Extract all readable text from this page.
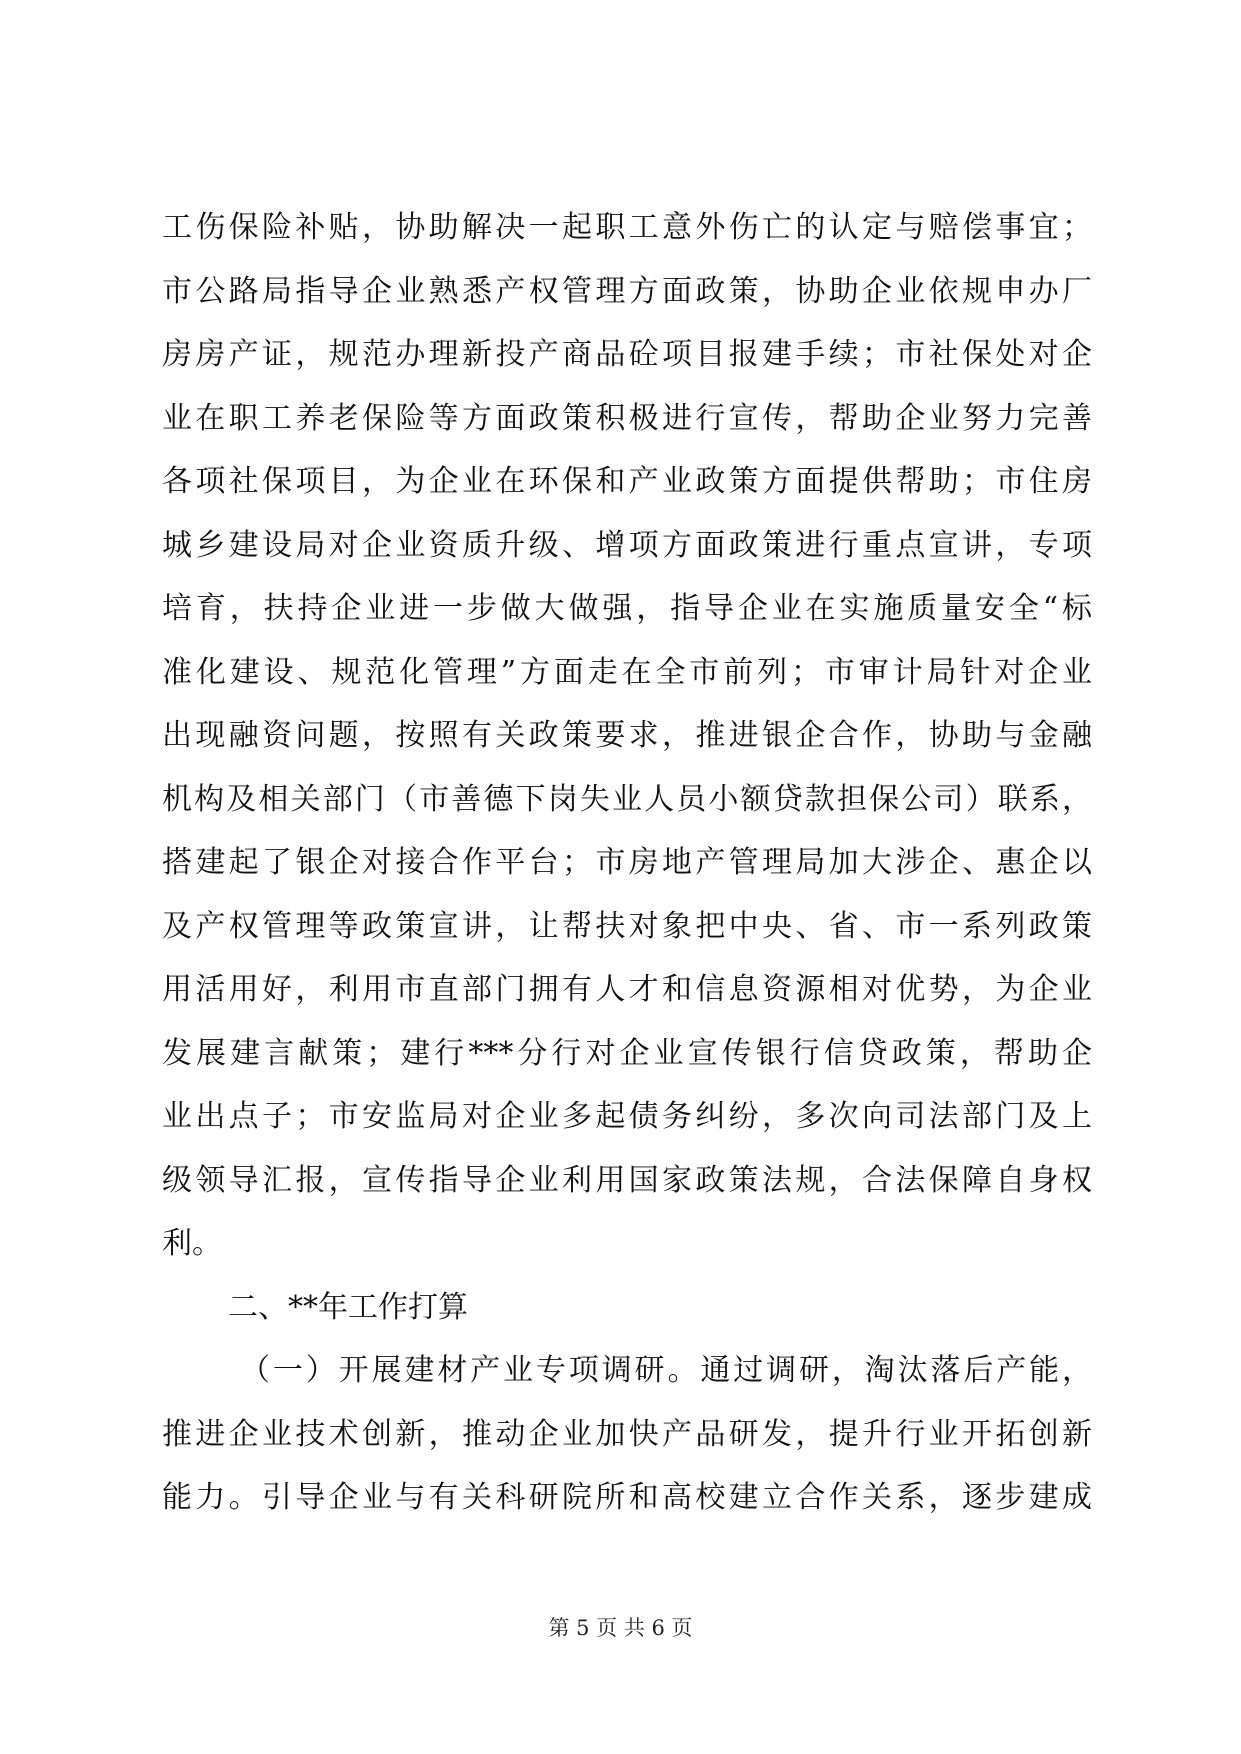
工伤保险补贴，协助解决一起职工意外伤亡的认定与赔偿事宜；
市公路局指导企业熟悉产权管理方面政策，协助企业依规申办厂
房房产证，规范办理新投产商品砼项目报建手续；市社保处对企
业在职工养老保险等方面政策积极进行宣传，帮助企业努力完善
各项社保项目，为企业在环保和产业政策方面提供帮助；市住房
城乡建设局对企业资质升级、增项方面政策进行重点宣讲，专项
培育，扶持企业进一步做大做强，指导企业在实施质量安全“标
准化建设、规范化管理”方面走在全市前列；市审计局针对企业
出现融资问题，按照有关政策要求，推进银企合作，协助与金融
机构及相关部门（市善德下岗失业人员小额贷款担保公司）联系，
搭建起了银企对接合作平台；市房地产管理局加大涉企、惠企以
及产权管理等政策宣讲，让帮扶对象把中央、省、市一系列政策
用活用好，利用市直部门拥有人才和信息资源相对优势，为企业
发展建言献策；建行***分行对企业宣传银行信贷政策，帮助企
业出点子；市安监局对企业多起债务纠纷，多次向司法部门及上
级领导汇报，宣传指导企业利用国家政策法规，合法保障自身权
利。
二、**年工作打算
（一）开展建材产业专项调研。通过调研，淘汰落后产能，
推进企业技术创新，推动企业加快产品研发，提升行业开拓创新
能力。引导企业与有关科研院所和高校建立合作关系，逐步建成
第 5 页 共 6 页
